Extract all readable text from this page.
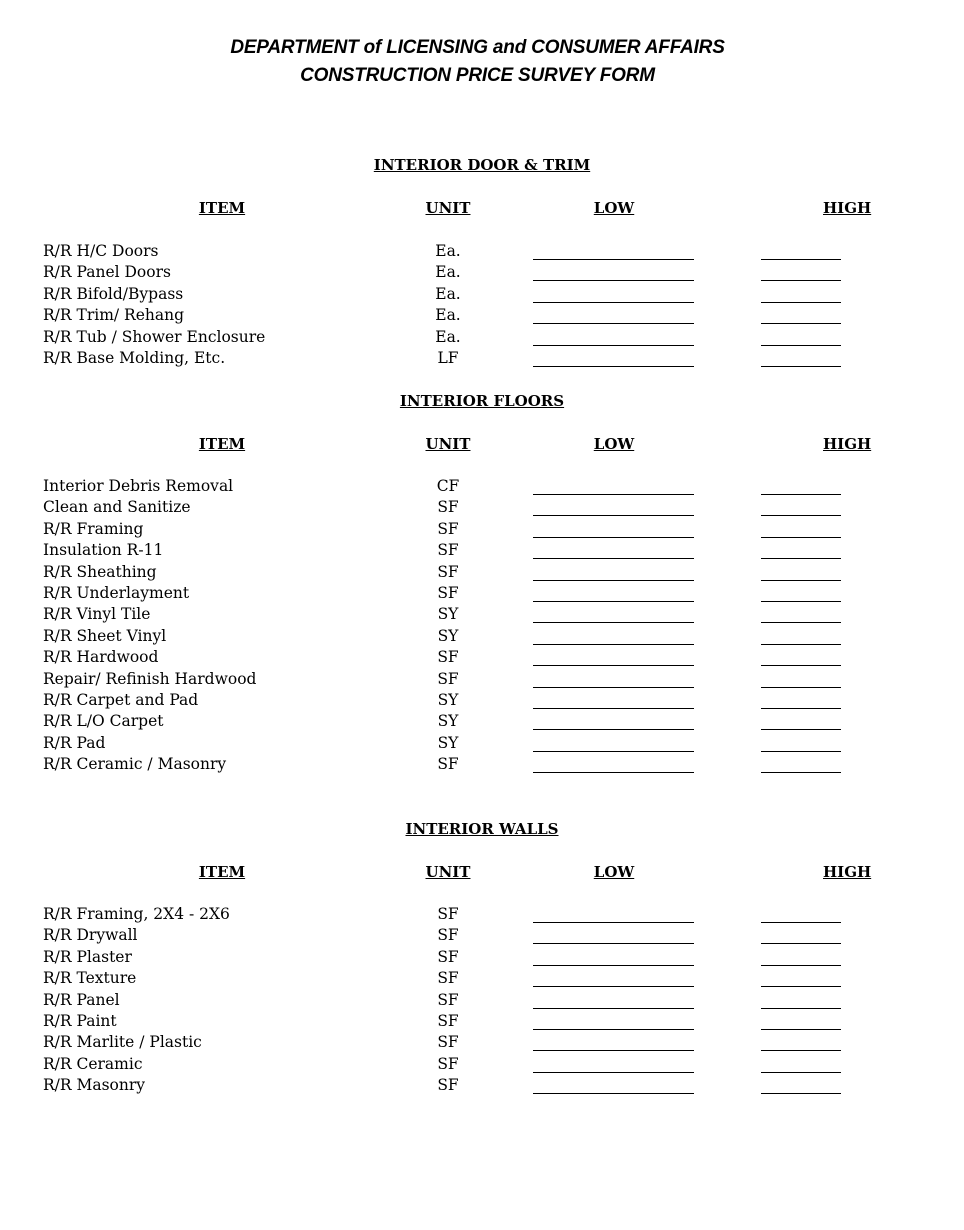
DEPARTMENT of LICENSING and CONSUMER AFFAIRS
CONSTRUCTION PRICE SURVEY FORM
INTERIOR DOOR & TRIM
ITEM	UNIT	LOW	HIGH
R/R H/C Doors	Ea.
R/R Panel Doors	Ea.
R/R Bifold/Bypass	Ea.
R/R Trim/ Rehang	Ea.
R/R Tub / Shower Enclosure	Ea.
R/R Base Molding, Etc.	LF
INTERIOR FLOORS
ITEM	UNIT	LOW	HIGH
Interior Debris Removal	CF
Clean and Sanitize	SF
R/R Framing	SF
Insulation R-11	SF
R/R Sheathing	SF
R/R Underlayment	SF
R/R Vinyl Tile	SY
R/R Sheet Vinyl	SY
R/R Hardwood	SF
Repair/ Refinish Hardwood	SF
R/R Carpet and Pad	SY
R/R L/O Carpet	SY
R/R Pad	SY
R/R Ceramic / Masonry	SF
INTERIOR WALLS
ITEM	UNIT	LOW	HIGH
R/R Framing, 2X4 - 2X6	SF
R/R Drywall	SF
R/R Plaster	SF
R/R Texture	SF
R/R Panel	SF
R/R Paint	SF
R/R Marlite / Plastic	SF
R/R Ceramic	SF
R/R Masonry	SF
